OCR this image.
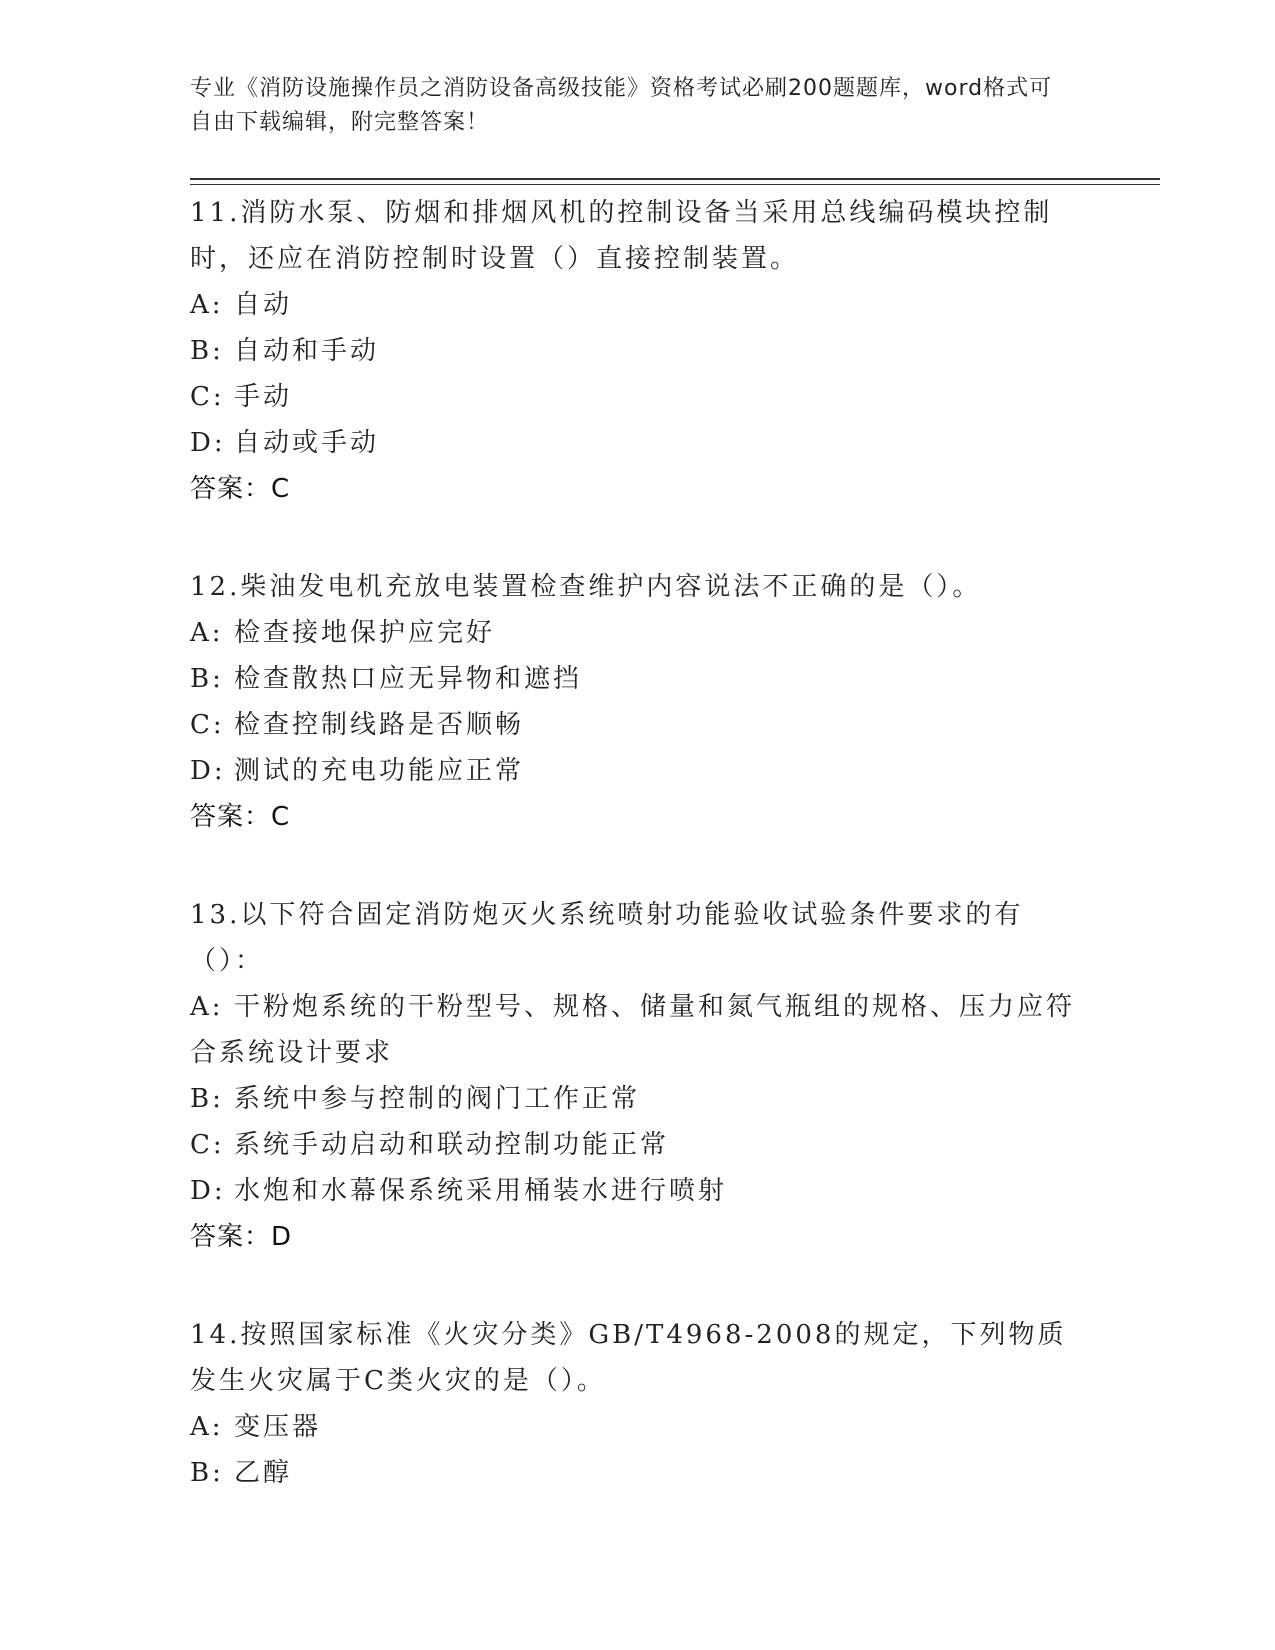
专业《消防设施操作员之消防设备高级技能》资格考试必刷200题题库，word格式可自由下载编辑，附完整答案！
11.消防水泵、防烟和排烟风机的控制设备当采用总线编码模块控制时，还应在消防控制时设置（）直接控制装置。
A: 自动
B: 自动和手动
C: 手动
D: 自动或手动
答案：C
12.柴油发电机充放电装置检查维护内容说法不正确的是（）。
A: 检查接地保护应完好
B: 检查散热口应无异物和遮挡
C: 检查控制线路是否顺畅
D: 测试的充电功能应正常
答案：C
13.以下符合固定消防炮灭火系统喷射功能验收试验条件要求的有（）：
A: 干粉炮系统的干粉型号、规格、储量和氮气瓶组的规格、压力应符合系统设计要求
B: 系统中参与控制的阀门工作正常
C: 系统手动启动和联动控制功能正常
D: 水炮和水幕保系统采用桶装水进行喷射
答案：D
14.按照国家标准《火灾分类》GB/T4968-2008的规定，下列物质发生火灾属于C类火灾的是（）。
A: 变压器
B: 乙醇
